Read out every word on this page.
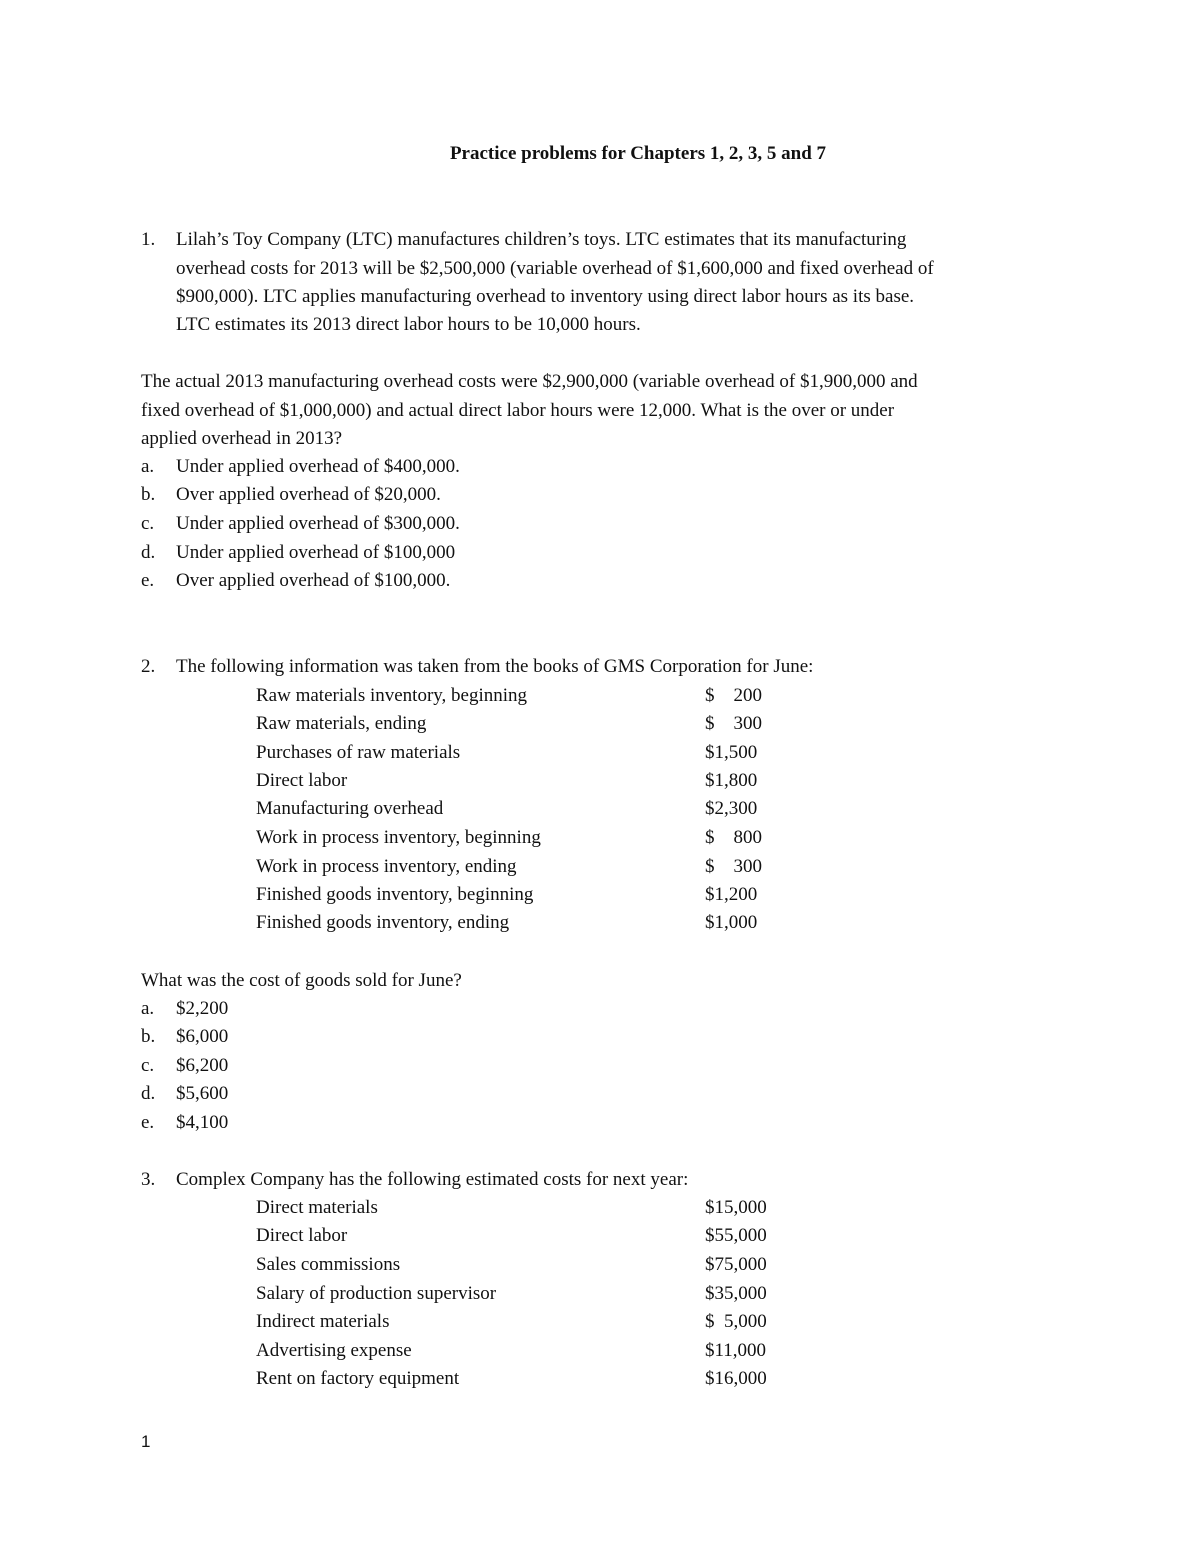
Practice problems for Chapters 1, 2, 3, 5 and 7
1. Lilah’s Toy Company (LTC) manufactures children’s toys. LTC estimates that its manufacturing
overhead costs for 2013 will be $2,500,000 (variable overhead of $1,600,000 and fixed overhead of
$900,000). LTC applies manufacturing overhead to inventory using direct labor hours as its base.
LTC estimates its 2013 direct labor hours to be 10,000 hours.
The actual 2013 manufacturing overhead costs were $2,900,000 (variable overhead of $1,900,000 and
fixed overhead of $1,000,000) and actual direct labor hours were 12,000. What is the over or under
applied overhead in 2013?
a. Under applied overhead of $400,000.
b. Over applied overhead of $20,000.
c. Under applied overhead of $300,000.
d. Under applied overhead of $100,000
e. Over applied overhead of $100,000.
2. The following information was taken from the books of GMS Corporation for June:
Raw materials inventory, beginning	$    200
Raw materials, ending	$    300
Purchases of raw materials	$1,500
Direct labor	$1,800
Manufacturing overhead	$2,300
Work in process inventory, beginning	$    800
Work in process inventory, ending	$    300
Finished goods inventory, beginning	$1,200
Finished goods inventory, ending	$1,000
What was the cost of goods sold for June?
a. $2,200
b. $6,000
c. $6,200
d. $5,600
e. $4,100
3. Complex Company has the following estimated costs for next year:
Direct materials	$15,000
Direct labor	$55,000
Sales commissions	$75,000
Salary of production supervisor	$35,000
Indirect materials	$  5,000
Advertising expense	$11,000
Rent on factory equipment	$16,000
1
